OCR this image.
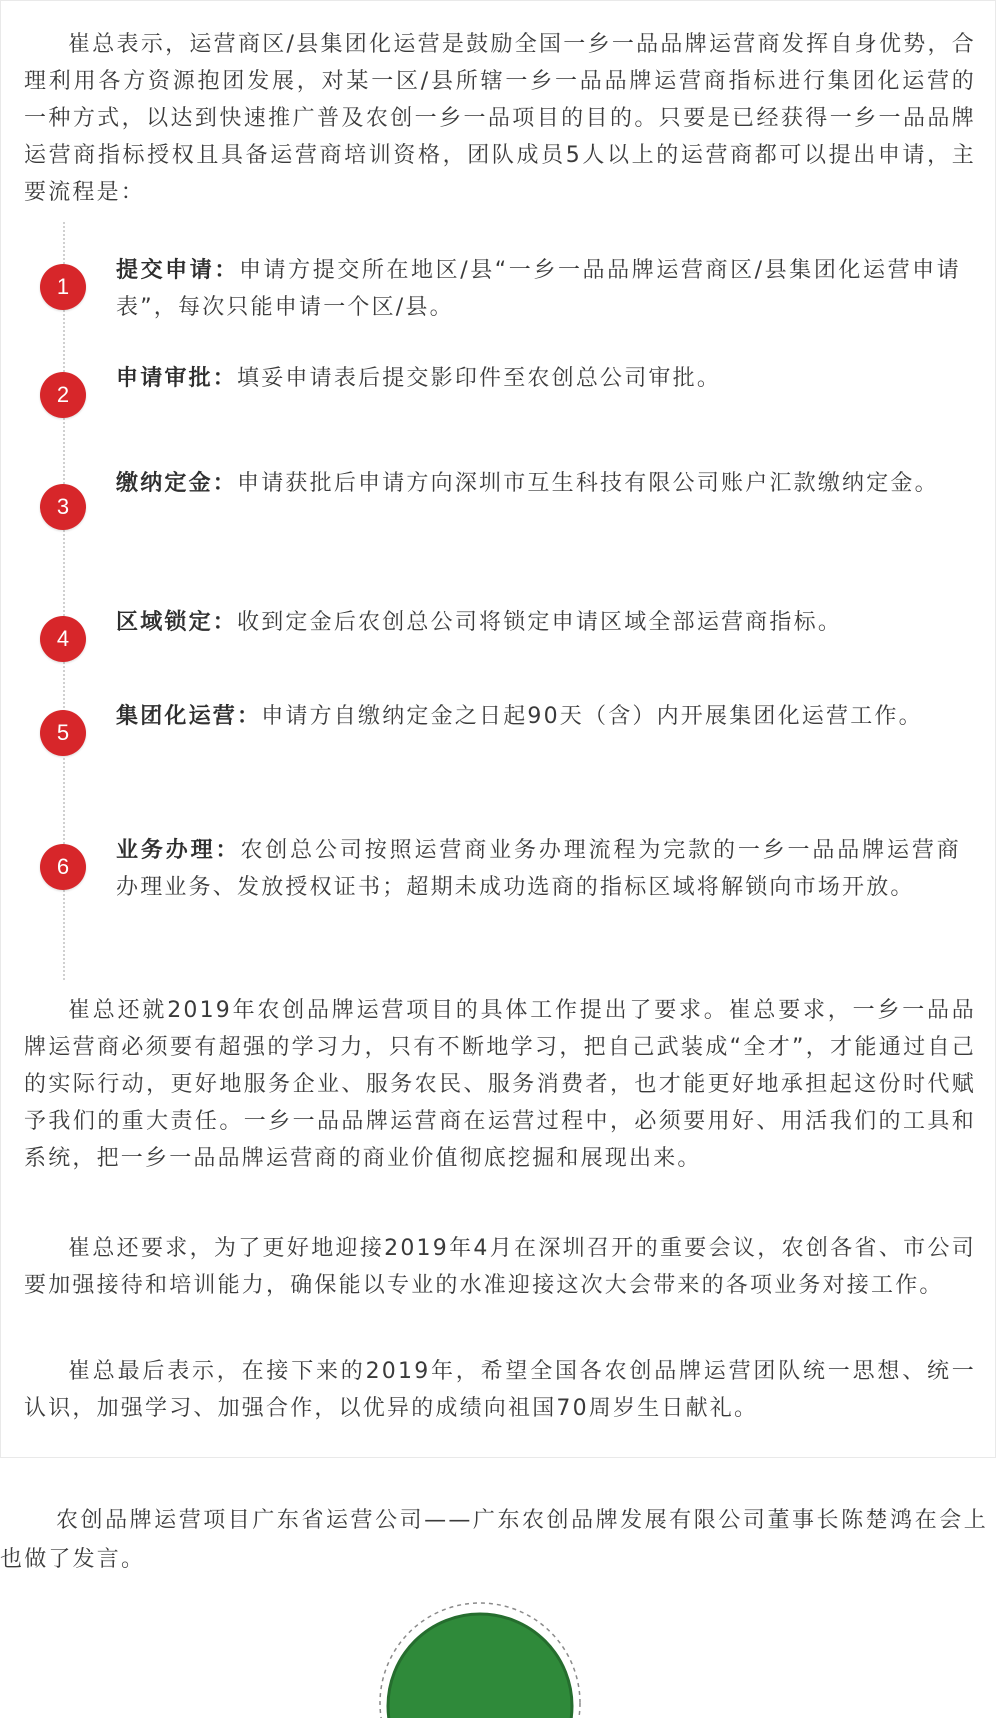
崔总表示，运营商区/县集团化运营是鼓励全国一乡一品品牌运营商发挥自身优势，合理利用各方资源抱团发展，对某一区/县所辖一乡一品品牌运营商指标进行集团化运营的一种方式，以达到快速推广普及农创一乡一品项目的目的。只要是已经获得一乡一品品牌运营商指标授权且具备运营商培训资格，团队成员5人以上的运营商都可以提出申请，主要流程是：

1

提交申请：申请方提交所在地区/县“一乡一品品牌运营商区/县集团化运营申请表”，每次只能申请一个区/县。

2

申请审批：填妥申请表后提交影印件至农创总公司审批。

3

缴纳定金：申请获批后申请方向深圳市互生科技有限公司账户汇款缴纳定金。

4

区域锁定：收到定金后农创总公司将锁定申请区域全部运营商指标。

5

集团化运营：申请方自缴纳定金之日起90天（含）内开展集团化运营工作。

6

业务办理：农创总公司按照运营商业务办理流程为完款的一乡一品品牌运营商办理业务、发放授权证书；超期未成功选商的指标区域将解锁向市场开放。

崔总还就2019年农创品牌运营项目的具体工作提出了要求。崔总要求，一乡一品品牌运营商必须要有超强的学习力，只有不断地学习，把自己武装成“全才”，才能通过自己的实际行动，更好地服务企业、服务农民、服务消费者，也才能更好地承担起这份时代赋予我们的重大责任。一乡一品品牌运营商在运营过程中，必须要用好、用活我们的工具和系统，把一乡一品品牌运营商的商业价值彻底挖掘和展现出来。

崔总还要求，为了更好地迎接2019年4月在深圳召开的重要会议，农创各省、市公司要加强接待和培训能力，确保能以专业的水准迎接这次大会带来的各项业务对接工作。

崔总最后表示，在接下来的2019年，希望全国各农创品牌运营团队统一思想、统一认识，加强学习、加强合作，以优异的成绩向祖国70周岁生日献礼。

农创品牌运营项目广东省运营公司——广东农创品牌发展有限公司董事长陈楚鸿在会上也做了发言。
